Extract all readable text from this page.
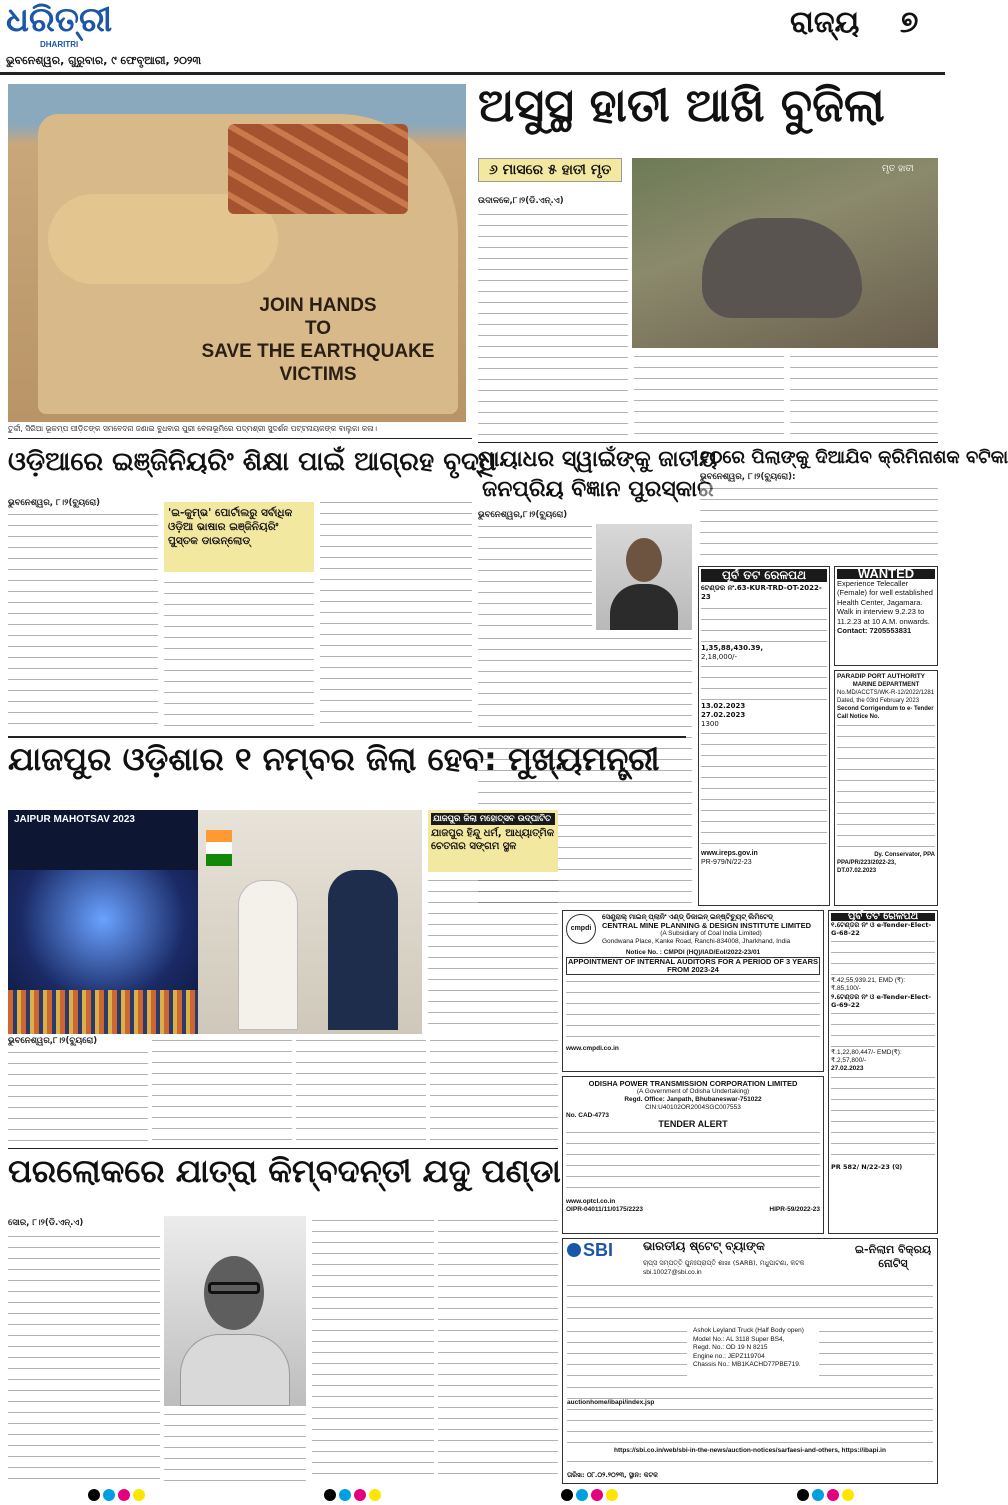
ଧରିତ୍ରୀ
DHARITRI
ଭୁବନେଶ୍ୱର, ଗୁରୁବାର, ୯ ଫେବୃଆରୀ, ୨୦୨୩
ରାଜ୍ୟ ୭
JOIN HANDS
TO
SAVE THE EARTHQUAKE
VICTIMS
ତୁର୍କୀ, ସିରିଆ ଭୂକମ୍ପ ପୀଡ଼ିତଙ୍କ ସମବେଦନା ଜଣାଇ ବୁଧବାର ପୁରୀ ବେଳାଭୂମିରେ ପଦ୍ମଶ୍ରୀ ସୁଦର୍ଶନ ପଟ୍ଟନାୟକଙ୍କ ବାଲୁକା କଳା।
ଅସୁସ୍ଥ ହାତୀ ଆଖି ବୁଜିଲା
୬ ମାସରେ ୫ ହାତୀ ମୃତ	ମୃତ ହାତୀ
ଉଦାଳକେ,୮।୨(ଡି.ଏନ୍.ଏ)
ମାୟାଧର ସ୍ୱାଇଁଙ୍କୁ ଜାତୀୟ
ଜନପ୍ରିୟ ବିଜ୍ଞାନ ପୁରସ୍କାର
ଭୁବନେଶ୍ୱର,୮।୨(ବ୍ୟୁରୋ)
୧୦ରେ ପିଲାଙ୍କୁ ଦିଆଯିବ କ୍ରିମିନାଶକ ବଟିକା
ଭୁବନେଶ୍ୱର, ୮।୨(ବ୍ୟୁରୋ):
ପୂର୍ବ ତଟ ରେଳପଥ
ଟେଣ୍ଡର ନଂ.63-KUR-TRD-OT-2022-23
1,35,88,430.39,
2,18,000/-
13.02.2023
27.02.2023
1300
www.ireps.gov.in
PR-979/N/22-23
WANTED
Experience Telecaller (Female) for well established Health Center, Jagamara. Walk in interview 9.2.23 to 11.2.23 at 10 A.M. onwards.
Contact: 7205553831
PARADIP PORT AUTHORITY
MARINE DEPARTMENT
No.MD/ACCTS/WK-R-12/2022/1281
Dated, the 03rd February 2023
Second Corrigendum to e- Tender Call Notice No.
Dy. Conservator, PPA
PPA/PR/223/2022-23, DT.07.02.2023
ଓଡ଼ିଆରେ ଇଞ୍ଜିନିୟରିଂ ଶିକ୍ଷା ପାଇଁ ଆଗ୍ରହ ବୃଦ୍ଧି
ଭୁବନେଶ୍ୱର, ୮।୨(ବ୍ୟୁରୋ)
'ଇ-କୁମ୍ଭ' ପୋର୍ଟାଲରୁ ସର୍ବାଧିକ ଓଡ଼ିଆ ଭାଷାର ଇଞ୍ଜିନିୟରିଂ ପୁସ୍ତକ ଡାଉନ୍‌ଲୋଡ୍
ଯାଜପୁର ଓଡ଼ିଶାର ୧ ନମ୍ବର ଜିଲା ହେବ: ମୁଖ୍ୟମନ୍ତ୍ରୀ
JAIPUR MAHOTSAV 2023	ଯାଜପୁର ଜିଲା ମହୋତ୍ସବ ଉଦ୍‌ଘାଟିତ
ଯାଜପୁର ହିନ୍ଦୁ ଧର୍ମ, ଆଧ୍ୟାତ୍ମିକ ଚେତନାର ସଙ୍ଗମ ସ୍ଥଳ
ଭୁବନେଶ୍ୱର,୮।୨(ବ୍ୟୁରୋ)
cmpdi
ସେଣ୍ଟ୍ରାଲ୍ ମାଇନ୍ ପ୍ଲାନିଂ ଏଣ୍ଡ୍ ଡିଜାଇନ୍ ଇନ୍‌ଷ୍ଟିଚ୍ୟୁଟ୍ ଲିମିଟେଡ୍
CENTRAL MINE PLANNING & DESIGN INSTITUTE LIMITED
(A Subsidiary of Coal India Limited)
Gondwana Place, Kanke Road, Ranchi-834008, Jharkhand, India
Notice No. : CMPDI (HQ)/IAD/EoI/2022-23/01
APPOINTMENT OF INTERNAL AUDITORS FOR A PERIOD OF 3 YEARS FROM 2023-24
www.cmpdi.co.in
ODISHA POWER TRANSMISSION CORPORATION LIMITED
(A Government of Odisha Undertaking)
Regd. Office: Janpath, Bhubaneswar-751022
CIN:U40102OR2004SGC007553
No. CAD-4773
TENDER ALERT
www.optcl.co.in
OIPR-04011/11/0175/2223	HIPR-59/2022-23
ପୂର୍ବ ତଟ ରେଳପଥ
୧.ଟେଣ୍ଡର ନଂ ଓ e-Tender-Elect-G-68-22
₹.42,55,939.21, EMD (₹): ₹.85,100/-
୨.ଟେଣ୍ଡର ନଂ ଓ e-Tender-Elect-G-69-22
₹.1,22,80,447/- EMD(₹): ₹.2,57,800/-
27.02.2023
PR 582/ N/22-23 (ସ)
ପରଲୋକରେ ଯାତ୍ରା କିମ୍ବଦନ୍ତୀ ଯଦୁ ପଣ୍ଡା
ସୋର, ୮।୨(ଡି.ଏନ୍.ଏ)
SBI ଭାରତୀୟ ଷ୍ଟେଟ୍ ବ୍ୟାଙ୍କ
ଚାପ୍‌ସ ସମ୍ପତ୍ତି ପୁନଃପ୍ରାପ୍ତି ଶାଖା (SARB), ମଧୁପାଟଣା, କଟକ
sbi.10027@sbi.co.in
ଇ-ନିଲାମ ବିକ୍ରୟ ନୋଟିସ୍
Ashok Leyland Truck (Half Body open)
Model No.: AL 3118 Super BS4,
Regd. No.: OD 19 N 8215
Engine no.: JEPZ119704
Chassis No.: MB1KACHD77PBE719.
auctionhome/ibapi/index.jsp
https://sbi.co.in/web/sbi-in-the-news/auction-notices/sarfaesi-and-others, https://ibapi.in
ତାରିଖ: ୦୮.୦୨.୨୦୨୩, ସ୍ଥାନ: କଟକ
